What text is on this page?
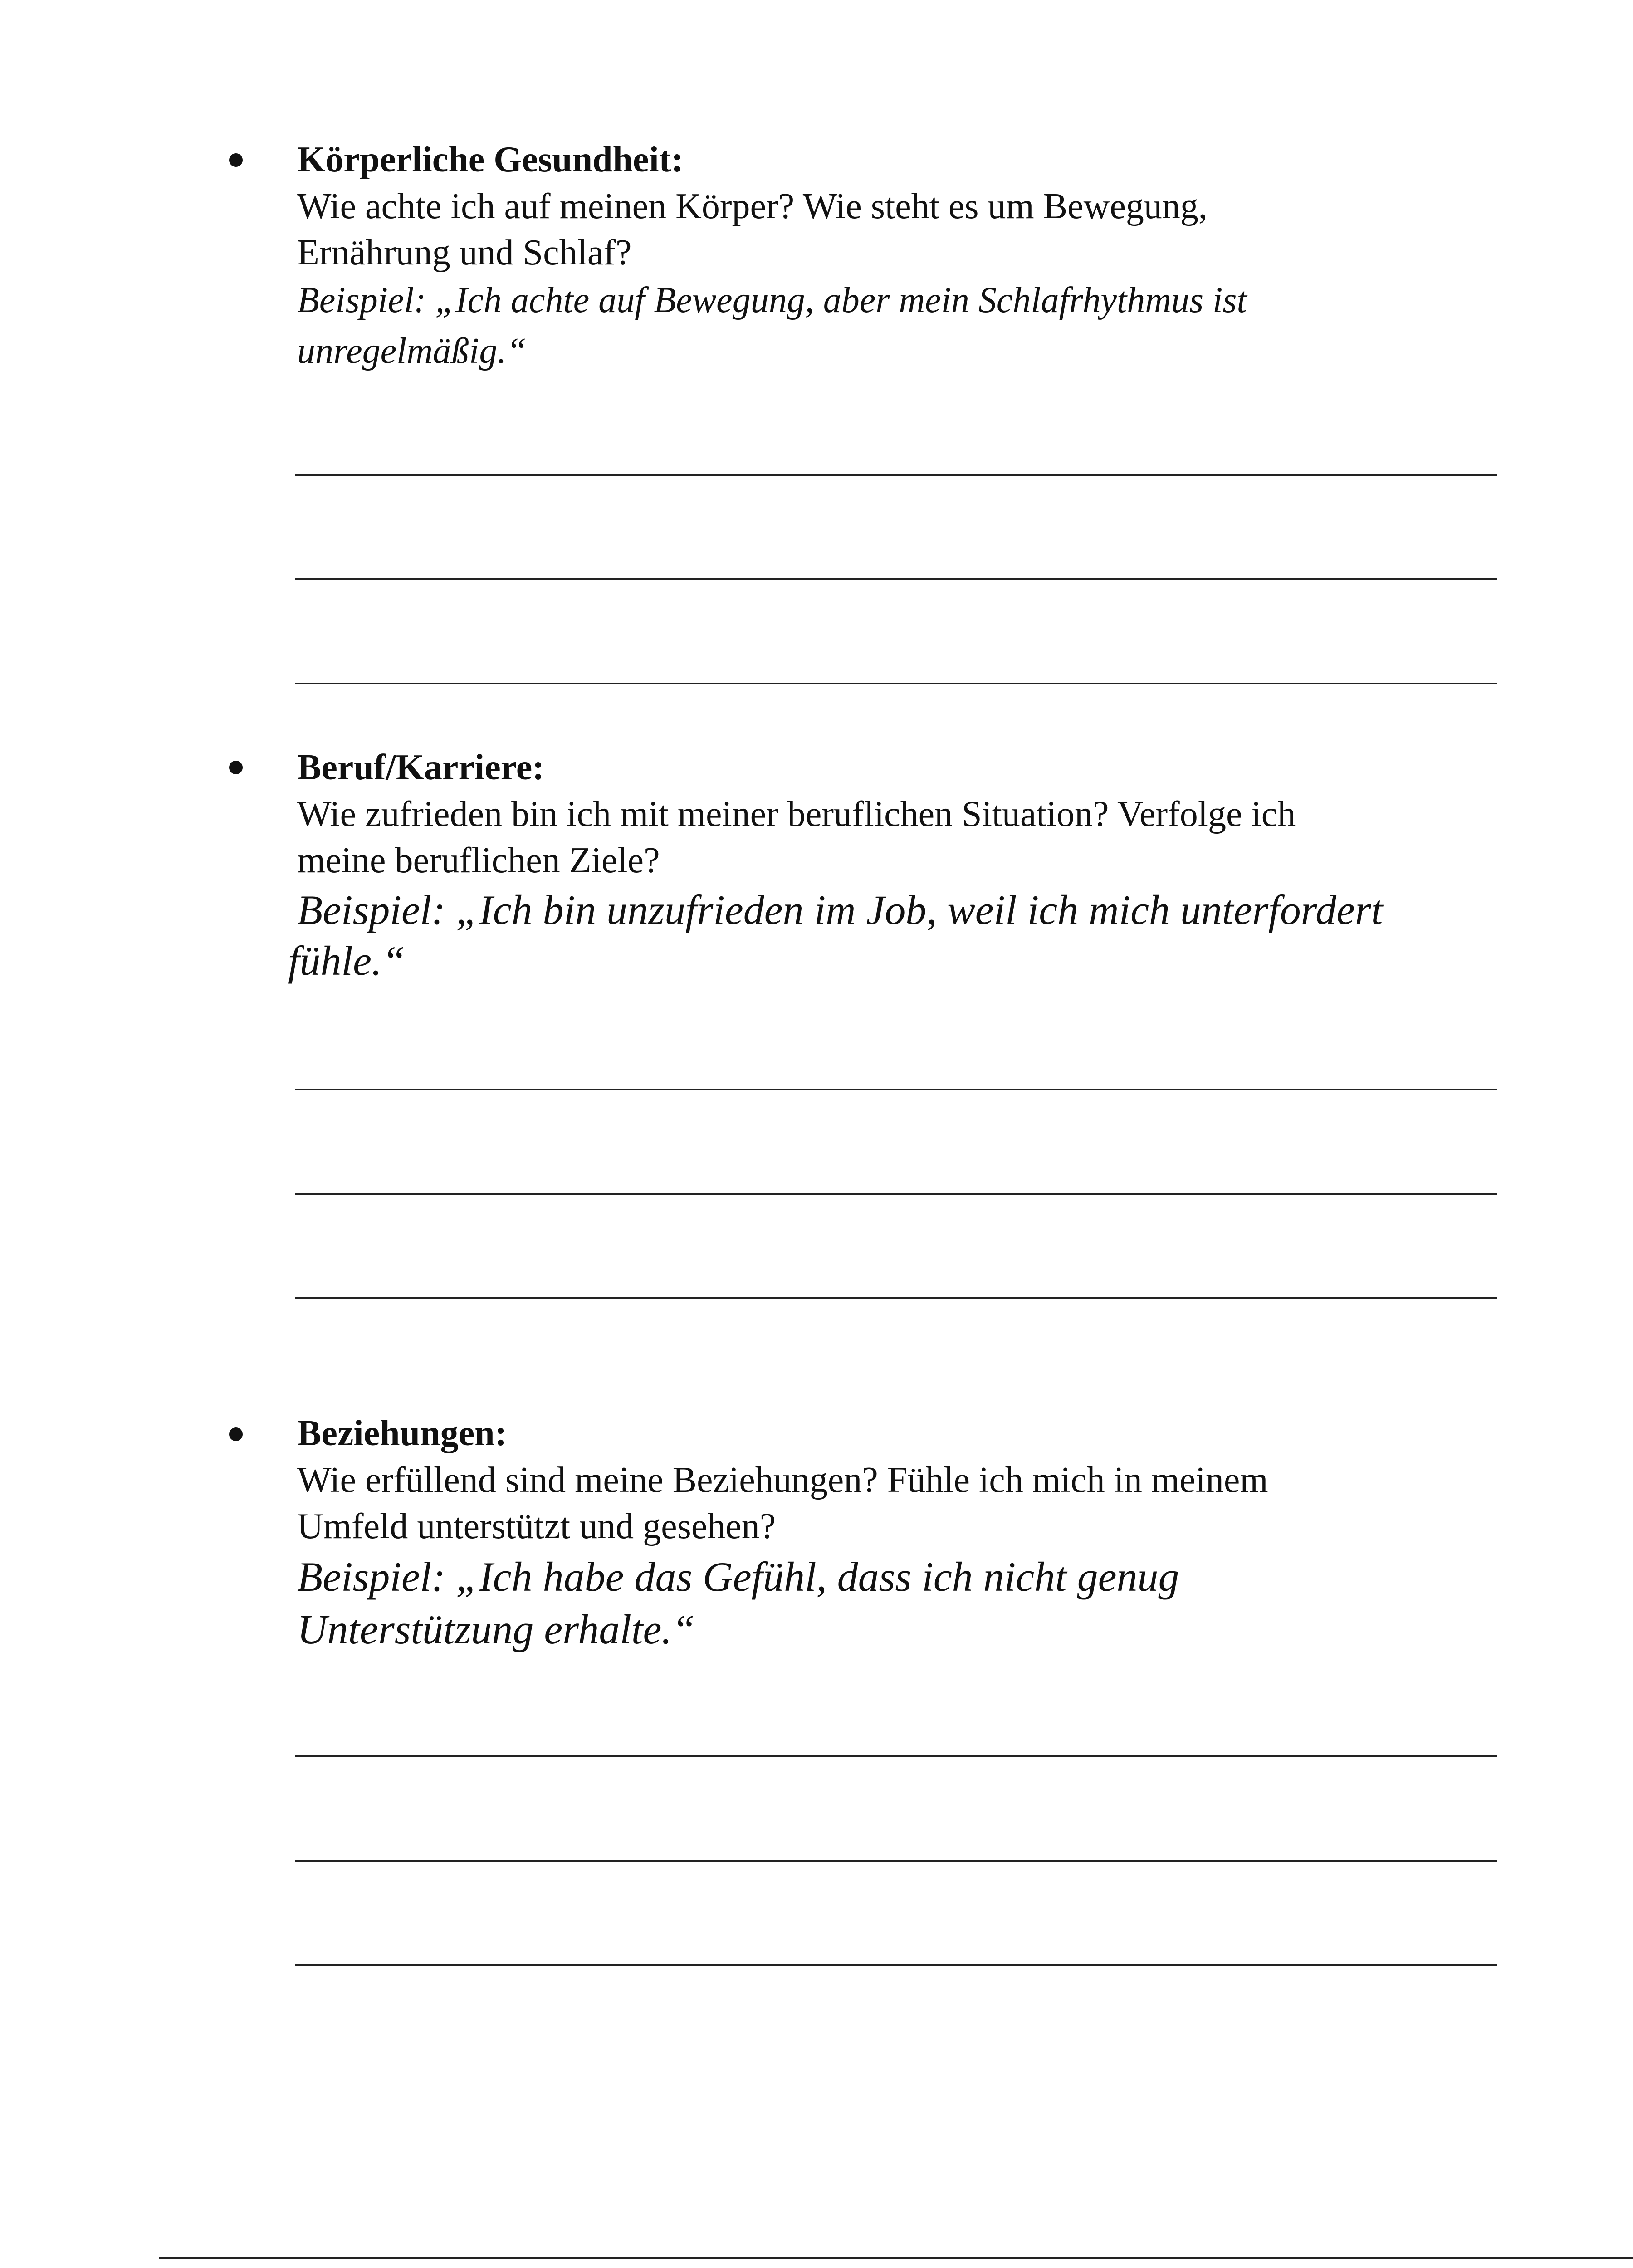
Körperliche Gesundheit:
Wie achte ich auf meinen Körper? Wie steht es um Bewegung,
Ernährung und Schlaf?
Beispiel: „Ich achte auf Bewegung, aber mein Schlafrhythmus ist
unregelmäßig.“
Beruf/Karriere:
Wie zufrieden bin ich mit meiner beruflichen Situation? Verfolge ich
meine beruflichen Ziele?
Beispiel: „Ich bin unzufrieden im Job, weil ich mich unterfordert
fühle.“
Beziehungen:
Wie erfüllend sind meine Beziehungen? Fühle ich mich in meinem
Umfeld unterstützt und gesehen?
Beispiel: „Ich habe das Gefühl, dass ich nicht genug
Unterstützung erhalte.“
